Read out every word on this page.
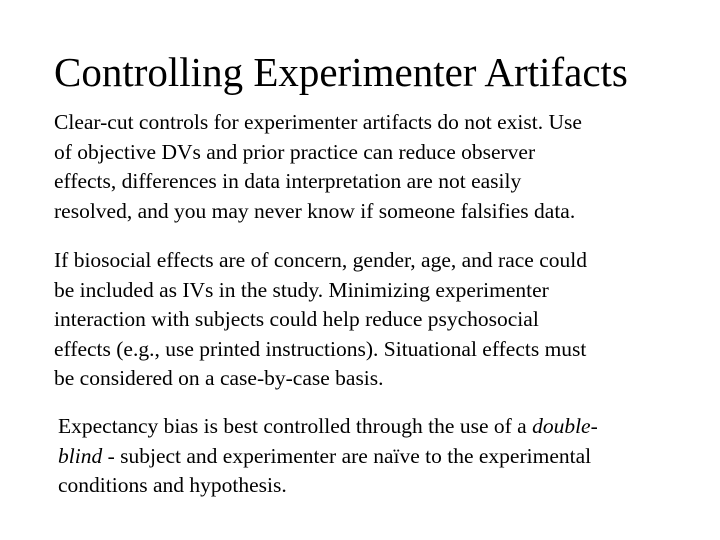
Controlling Experimenter Artifacts
Clear-cut controls for experimenter artifacts do not exist. Use
of objective DVs and prior practice can reduce observer
effects, differences in data interpretation are not easily
resolved, and you may never know if someone falsifies data.
If biosocial effects are of concern, gender, age, and race could
be included as IVs in the study. Minimizing experimenter
interaction with subjects could help reduce psychosocial
effects (e.g., use printed instructions). Situational effects must
be considered on a case-by-case basis.
Expectancy bias is best controlled through the use of a double-
blind - subject and experimenter are naïve to the experimental
conditions and hypothesis.
